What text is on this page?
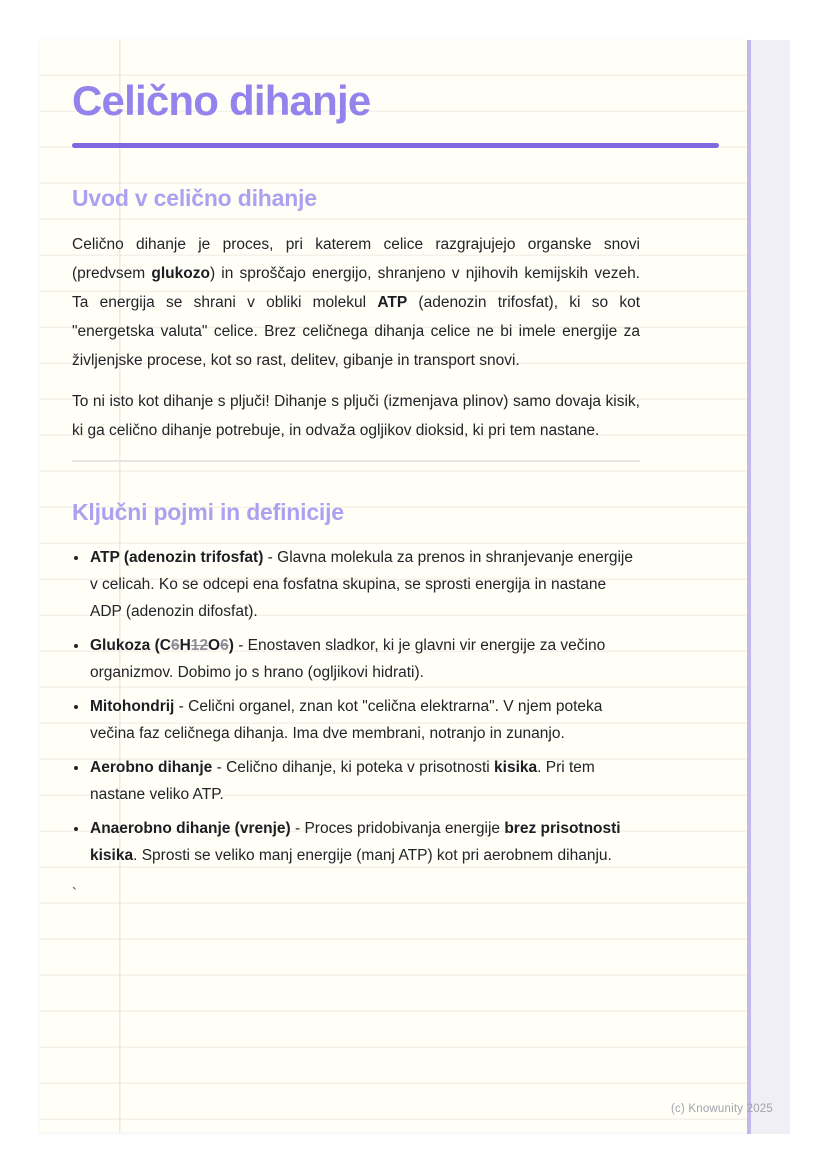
Celično dihanje
Uvod v celično dihanje

Celično dihanje je proces, pri katerem celice razgrajujejo organske snovi (predvsem glukozo) in sproščajo energijo, shranjeno v njihovih kemijskih vezeh. Ta energija se shrani v obliki molekul ATP (adenozin trifosfat), ki so kot "energetska valuta" celice. Brez celičnega dihanja celice ne bi imele energije za življenjske procese, kot so rast, delitev, gibanje in transport snovi.

To ni isto kot dihanje s pljuči! Dihanje s pljuči (izmenjava plinov) samo dovaja kisik, ki ga celično dihanje potrebuje, in odvaža ogljikov dioksid, ki pri tem nastane.

Ključni pojmi in definicije
• ATP (adenozin trifosfat) - Glavna molekula za prenos in shranjevanje energije v celicah. Ko se odcepi ena fosfatna skupina, se sprosti energija in nastane ADP (adenozin difosfat).
• Glukoza (C6H12O6) - Enostaven sladkor, ki je glavni vir energije za večino organizmov. Dobimo jo s hrano (ogljikovi hidrati).
• Mitohondrij - Celični organel, znan kot "celična elektrarna". V njem poteka večina faz celičnega dihanja. Ima dve membrani, notranjo in zunanjo.
• Aerobno dihanje - Celično dihanje, ki poteka v prisotnosti kisika. Pri tem nastane veliko ATP.
• Anaerobno dihanje (vrenje) - Proces pridobivanja energije brez prisotnosti kisika. Sprosti se veliko manj energije (manj ATP) kot pri aerobnem dihanju.
`
(c) Knowunity 2025
